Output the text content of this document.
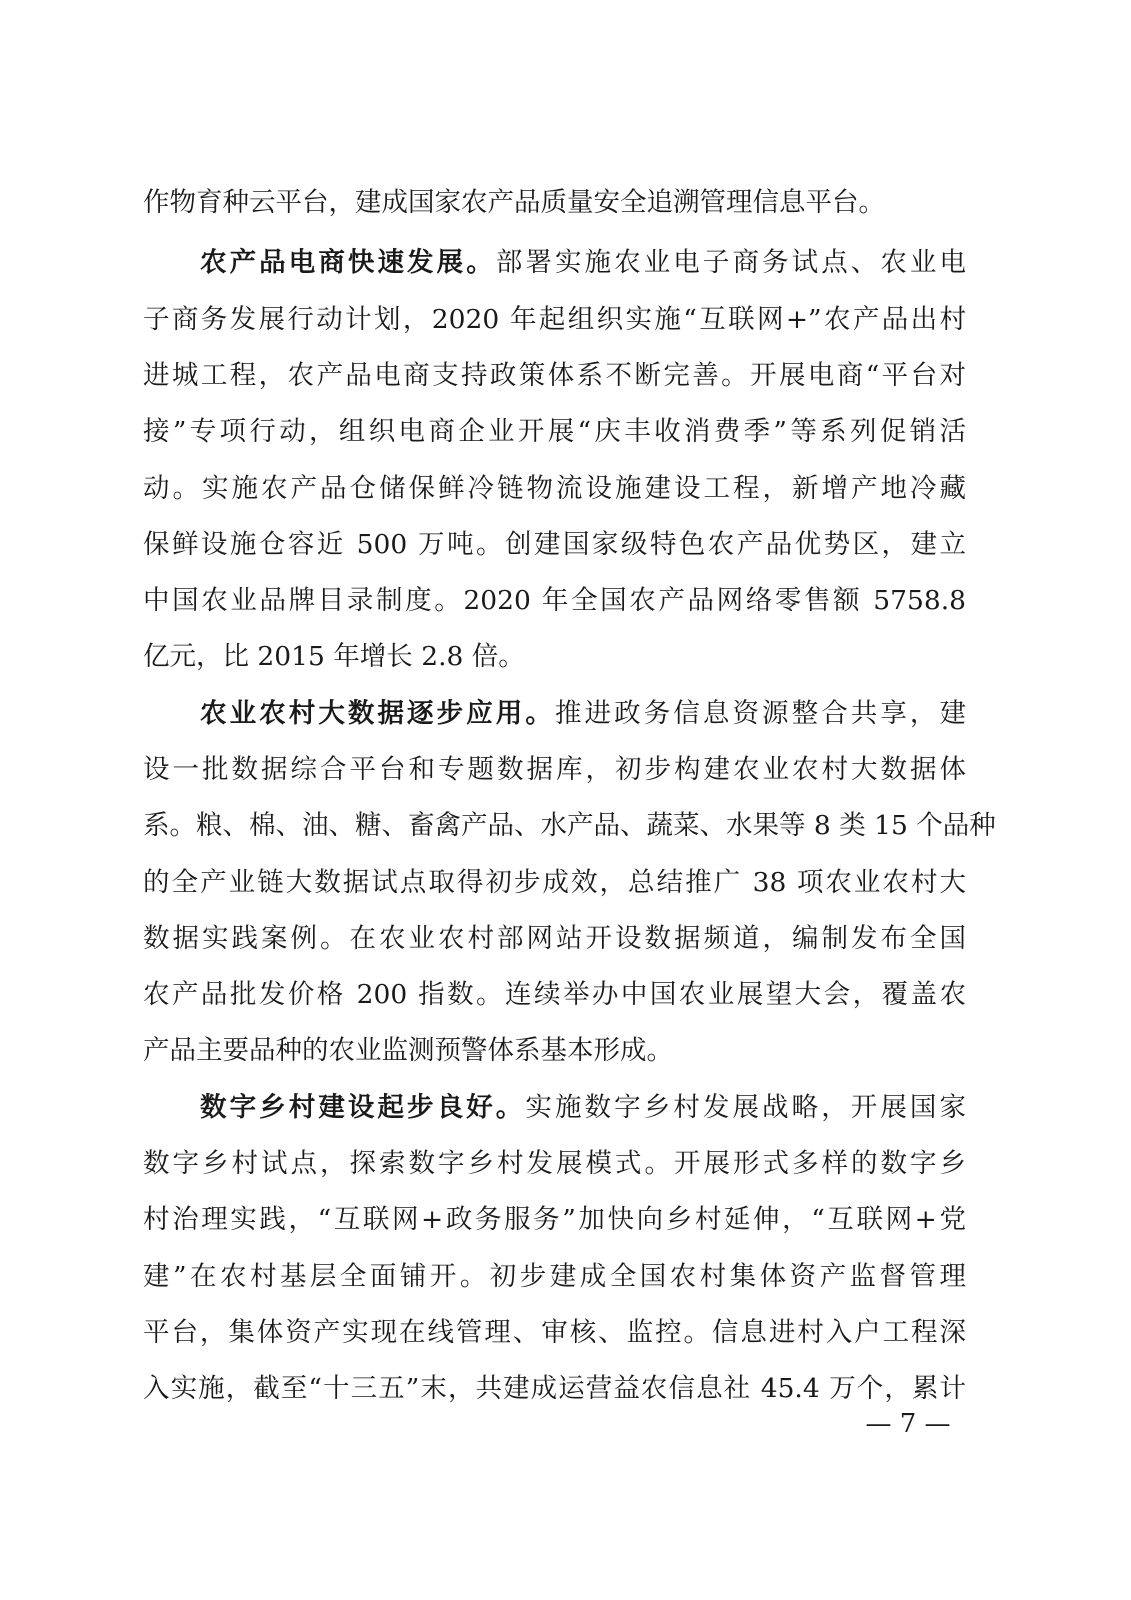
作物育种云平台，建成国家农产品质量安全追溯管理信息平台。
农产品电商快速发展。部署实施农业电子商务试点、农业电
子商务发展行动计划，2020 年起组织实施“互联网+”农产品出村
进城工程，农产品电商支持政策体系不断完善。开展电商“平台对
接”专项行动，组织电商企业开展“庆丰收消费季”等系列促销活
动。实施农产品仓储保鲜冷链物流设施建设工程，新增产地冷藏
保鲜设施仓容近 500 万吨。创建国家级特色农产品优势区，建立
中国农业品牌目录制度。2020 年全国农产品网络零售额 5758.8
亿元，比 2015 年增长 2.8 倍。
农业农村大数据逐步应用。推进政务信息资源整合共享，建
设一批数据综合平台和专题数据库，初步构建农业农村大数据体
系。粮、棉、油、糖、畜禽产品、水产品、蔬菜、水果等 8 类 15 个品种
的全产业链大数据试点取得初步成效，总结推广 38 项农业农村大
数据实践案例。在农业农村部网站开设数据频道，编制发布全国
农产品批发价格 200 指数。连续举办中国农业展望大会，覆盖农
产品主要品种的农业监测预警体系基本形成。
数字乡村建设起步良好。实施数字乡村发展战略，开展国家
数字乡村试点，探索数字乡村发展模式。开展形式多样的数字乡
村治理实践，“互联网+政务服务”加快向乡村延伸，“互联网+党
建”在农村基层全面铺开。初步建成全国农村集体资产监督管理
平台，集体资产实现在线管理、审核、监控。信息进村入户工程深
入实施，截至“十三五”末，共建成运营益农信息社 45.4 万个，累计
— 7 —
